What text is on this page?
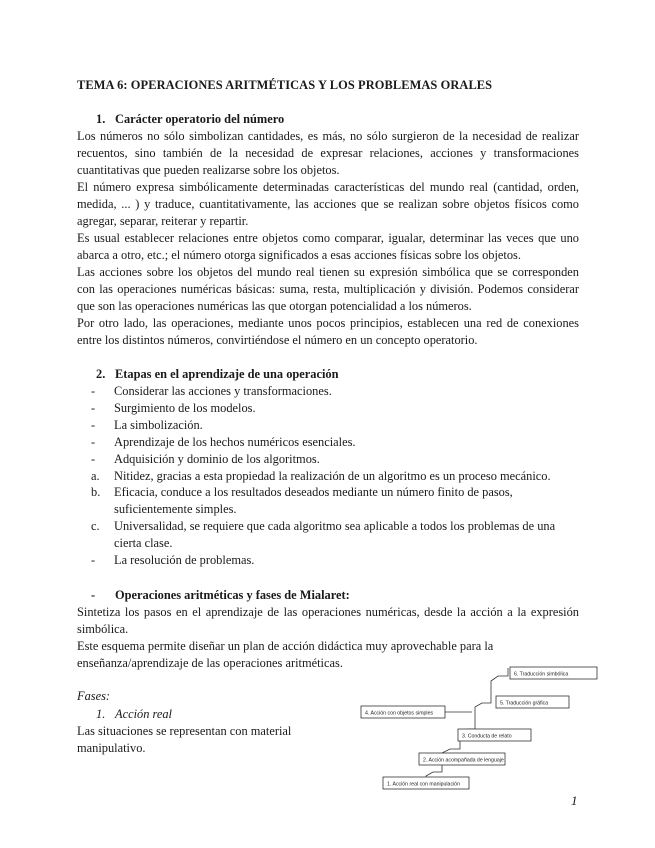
TEMA 6: OPERACIONES ARITMÉTICAS Y LOS PROBLEMAS ORALES
1. Carácter operatorio del número

Los números no sólo simbolizan cantidades, es más, no sólo surgieron de la necesidad de realizar recuentos, sino también de la necesidad de expresar relaciones, acciones y transformaciones cuantitativas que pueden realizarse sobre los objetos.

El número expresa simbólicamente determinadas características del mundo real (cantidad, orden, medida, ... ) y traduce, cuantitativamente, las acciones que se realizan sobre objetos físicos como agregar, separar, reiterar y repartir.

Es usual establecer relaciones entre objetos como comparar, igualar, determinar las veces que uno abarca a otro, etc.; el número otorga significados a esas acciones físicas sobre los objetos.

Las acciones sobre los objetos del mundo real tienen su expresión simbólica que se corresponden con las operaciones numéricas básicas: suma, resta, multiplicación y división. Podemos considerar que son las operaciones numéricas las que otorgan potencialidad a los números.

Por otro lado, las operaciones, mediante unos pocos principios, establecen una red de conexiones entre los distintos números, convirtiéndose el número en un concepto operatorio.

2. Etapas en el aprendizaje de una operación
- Considerar las acciones y transformaciones.
- Surgimiento de los modelos.
- La simbolización.
- Aprendizaje de los hechos numéricos esenciales.
- Adquisición y dominio de los algoritmos.
a. Nitidez, gracias a esta propiedad la realización de un algoritmo es un proceso mecánico.
b. Eficacia, conduce a los resultados deseados mediante un número finito de pasos, suficientemente simples.
c. Universalidad, se requiere que cada algoritmo sea aplicable a todos los problemas de una cierta clase.
- La resolución de problemas.
- Operaciones aritméticas y fases de Mialaret:

Sintetiza los pasos en el aprendizaje de las operaciones numéricas, desde la acción a la expresión simbólica.

Este esquema permite diseñar un plan de acción didáctica muy aprovechable para la enseñanza/aprendizaje de las operaciones aritméticas.

Fases:
1. Acción real

Las situaciones se representan con material manipulativo.

1. Acción real con manipulación
2. Acción acompañada de lenguaje
3. Conducta de relato
4. Acción con objetos simples
5. Traducción gráfica
6. Traducción simbólica
1
